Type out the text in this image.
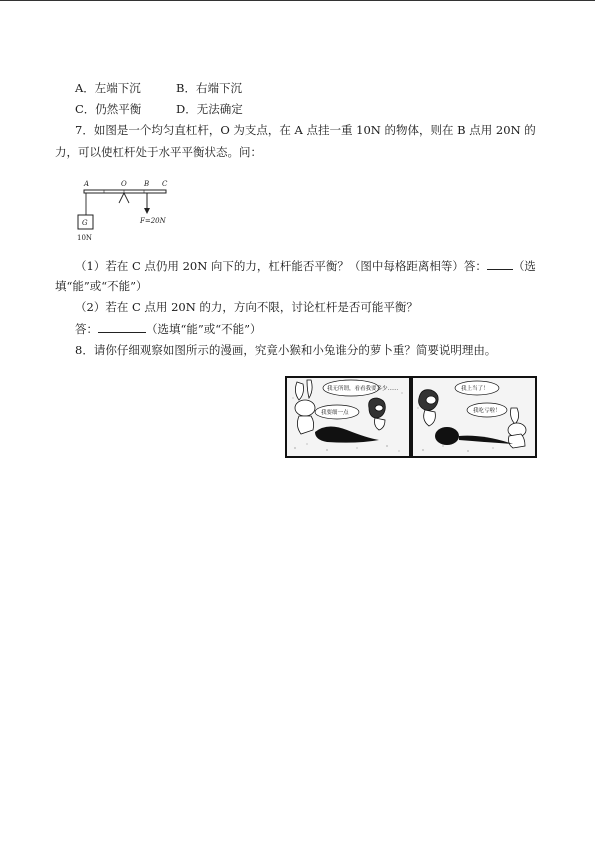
A．左端下沉	B．右端下沉
C．仍然平衡	D．无法确定
7．如图是一个均匀直杠杆，O 为支点，在 A 点挂一重 10N 的物体，则在 B 点用 20N 的
力，可以使杠杆处于水平平衡状态。问：
A	O B C
G
10N
F=20N
（1）若在 C 点仍用 20N 向下的力，杠杆能否平衡？（图中每格距离相等）答： （选
填“能”或“不能”）
（2）若在 C 点用 20N 的力，方向不限，讨论杠杆是否可能平衡？
答：	（选填“能”或“不能”）
8．请你仔细观察如图所示的漫画，究竟小猴和小兔谁分的萝卜重？简要说明理由。
我无所谓，看看我要多少……
我要细一点
我上当了！
我吃亏啦！
